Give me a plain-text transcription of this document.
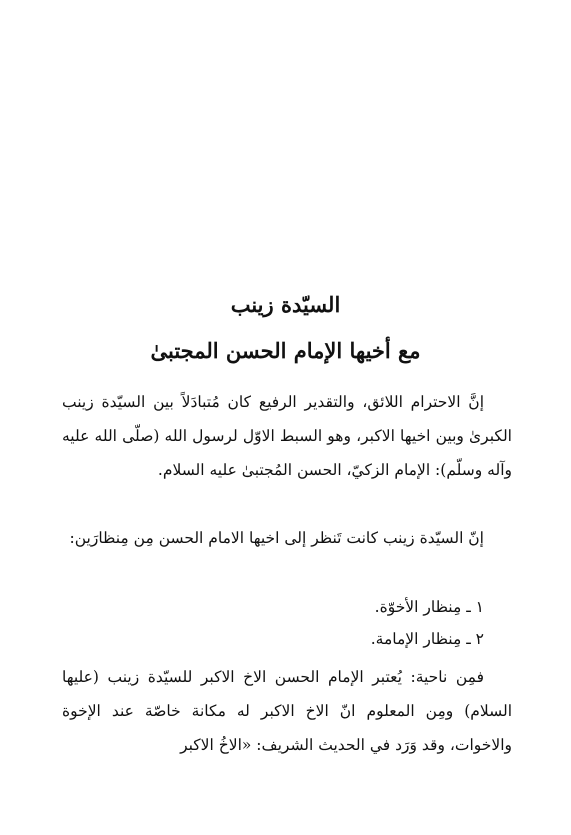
السيّدة زينب
مع أخيها الإمام الحسن المجتبىٰ

إنَّ الاحترام اللائق، والتقدير الرفيع كان مُتبادَلاً بين السيّدة زينب الكبرىٰ وبين اخيها الاكبر، وهو السبط الاوّل لرسول الله (صلّى الله عليه وآله وسلّم): الإمام الزكيّ، الحسن المُجتبىٰ عليه السلام.

إنّ السيّدة زينب كانت تَنظر إلى اخيها الامام الحسن مِن مِنظارَين:

١ ـ مِنظار الأخوّة.
٢ ـ مِنظار الإمامة.

فمِن ناحية: يُعتبر الإمام الحسن الاخ الاكبر للسيّدة زينب (عليها السلام) ومِن المعلوم انّ الاخ الاكبر له مكانة خاصّة عند الإخوة والاخوات، وقد وَرَد في الحديث الشريف: «الاخُ الاكبر
